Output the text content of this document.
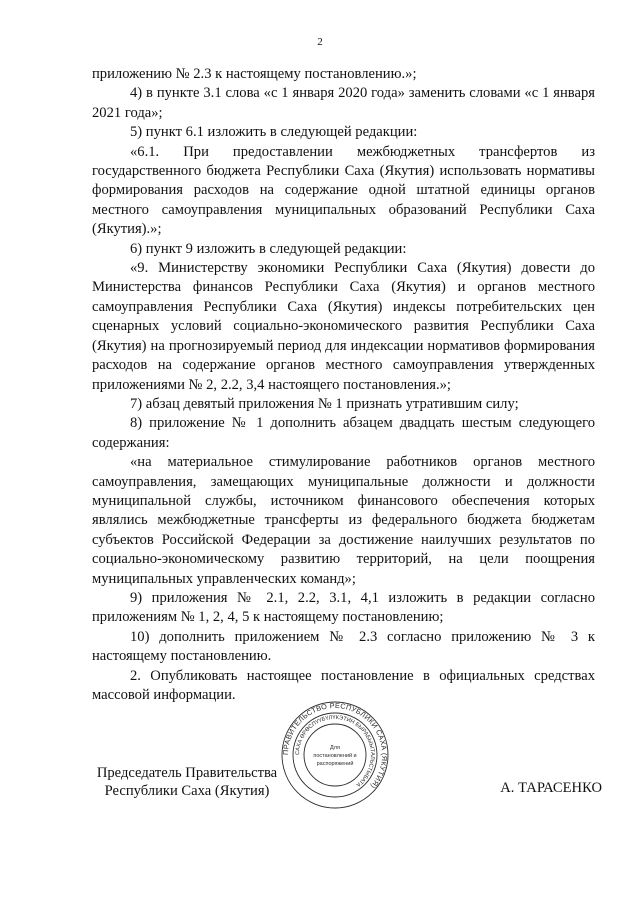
2

приложению № 2.3 к настоящему постановлению.»;

4) в пункте 3.1 слова «с 1 января 2020 года» заменить словами «с 1 января 2021 года»;

5) пункт 6.1 изложить в следующей редакции:

«6.1. При предоставлении межбюджетных трансфертов из государственного бюджета Республики Саха (Якутия) использовать нормативы формирования расходов на содержание одной штатной единицы органов местного самоуправления муниципальных образований Республики Саха (Якутия).»;

6) пункт 9 изложить в следующей редакции:

«9. Министерству экономики Республики Саха (Якутия) довести до Министерства финансов Республики Саха (Якутия) и органов местного самоуправления Республики Саха (Якутия) индексы потребительских цен сценарных условий социально-экономического развития Республики Саха (Якутия) на прогнозируемый период для индексации нормативов формирования расходов на содержание органов местного самоуправления утвержденных приложениями № 2, 2.2, 3,4 настоящего постановления.»;

7) абзац девятый приложения № 1 признать утратившим силу;

8) приложение № 1 дополнить абзацем двадцать шестым следующего содержания:

«на материальное стимулирование работников органов местного самоуправления, замещающих муниципальные должности и должности муниципальной службы, источником финансового обеспечения которых являлись межбюджетные трансферты из федерального бюджета бюджетам субъектов Российской Федерации за достижение наилучших результатов по социально-экономическому развитию территорий, на цели поощрения муниципальных управленческих команд»;

9) приложения № 2.1, 2.2, 3.1, 4,1 изложить в редакции согласно приложениям № 1, 2, 4, 5 к настоящему постановлению;

10) дополнить приложением № 2.3 согласно приложению № 3 к настоящему постановлению.

2. Опубликовать настоящее постановление в официальных средствах массовой информации.

Председатель Правительства
Республики Саха (Якутия)
ПРАВИТЕЛЬСТВО РЕСПУБЛИКИ САХА (ЯКУТИЯ)
САХА ӨРӨСПҮҮБҮЛҮКЭТИН БЫРАБЫЫТАЛЬСТЫБАТА
Для
постановлений и
распоряжений
А. ТАРАСЕНКО
